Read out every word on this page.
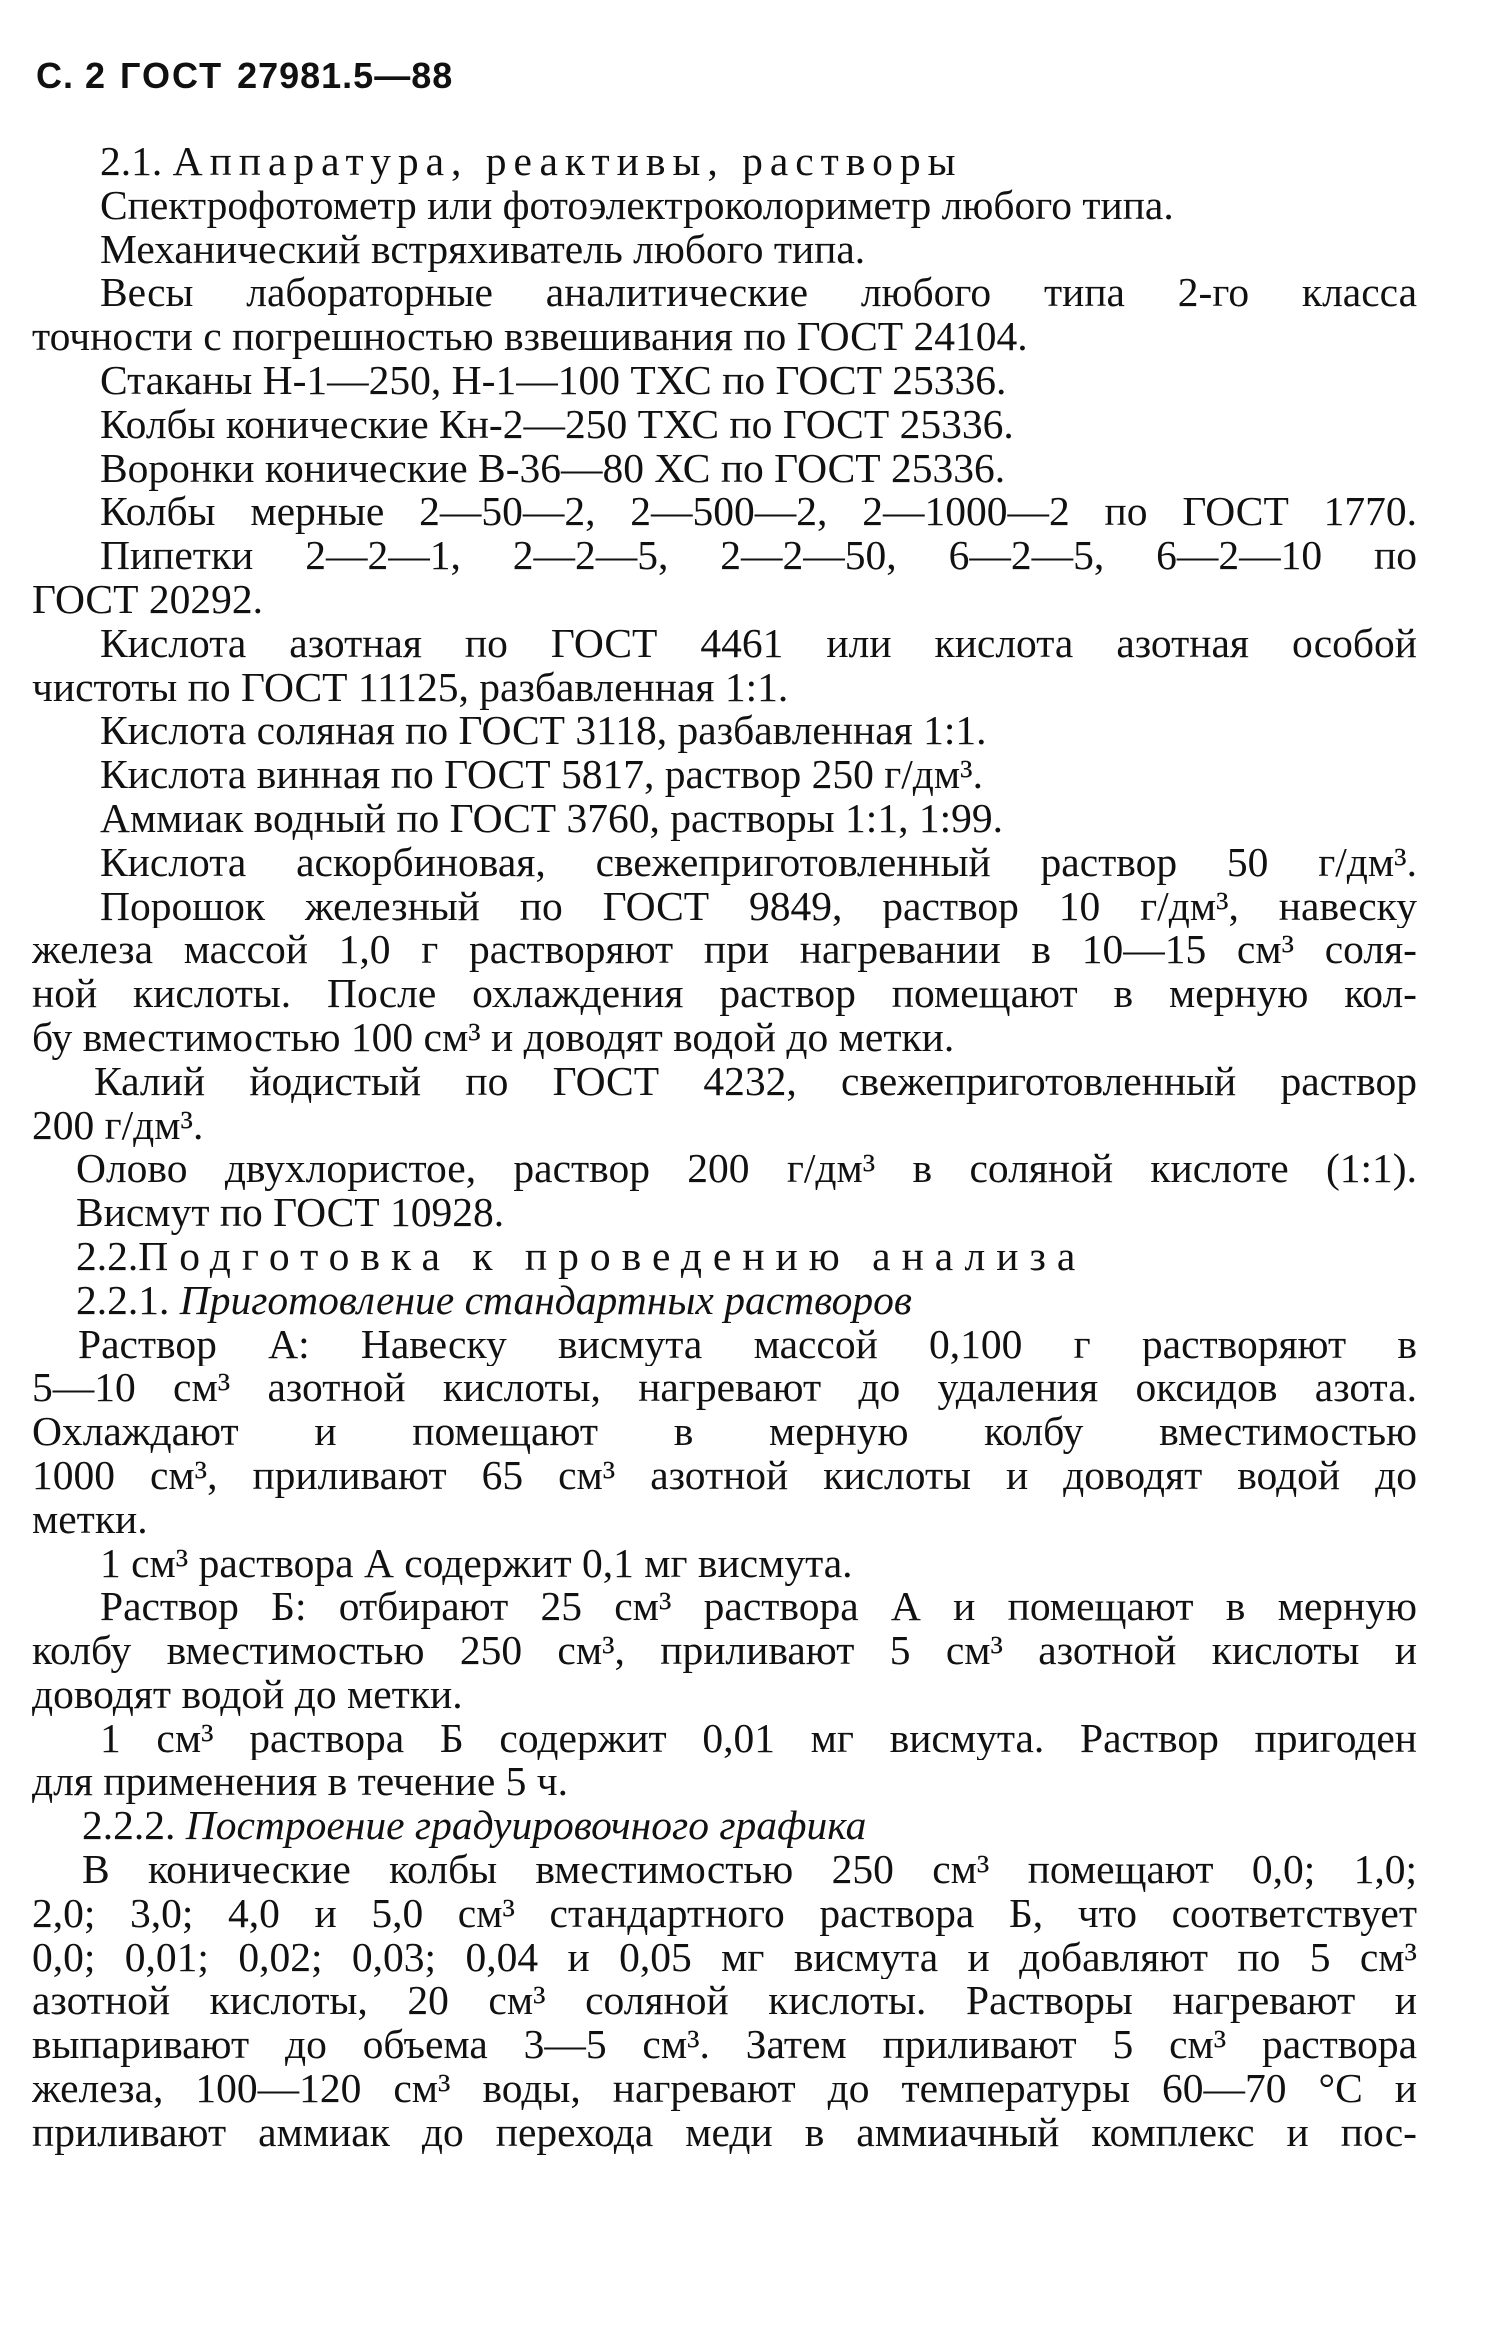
С. 2 ГОСТ 27981.5—88
2.1. Аппаратура, реактивы, растворы
Спектрофотометр или фотоэлектроколориметр любого типа.
Механический встряхиватель любого типа.
Весы лабораторные аналитические любого типа 2-го класса
точности с погрешностью взвешивания по ГОСТ 24104.
Стаканы Н-1—250, Н-1—100 ТХС по ГОСТ 25336.
Колбы конические Кн-2—250 ТХС по ГОСТ 25336.
Воронки конические В-36—80 ХС по ГОСТ 25336.
Колбы мерные 2—50—2, 2—500—2, 2—1000—2 по ГОСТ 1770.
Пипетки 2—2—1, 2—2—5, 2—2—50, 6—2—5, 6—2—10 по
ГОСТ 20292.
Кислота азотная по ГОСТ 4461 или кислота азотная особой
чистоты по ГОСТ 11125, разбавленная 1:1.
Кислота соляная по ГОСТ 3118, разбавленная 1:1.
Кислота винная по ГОСТ 5817, раствор 250 г/дм³.
Аммиак водный по ГОСТ 3760, растворы 1:1, 1:99.
Кислота аскорбиновая, свежеприготовленный раствор 50 г/дм³.
Порошок железный по ГОСТ 9849, раствор 10 г/дм³, навеску
железа массой 1,0 г растворяют при нагревании в 10—15 см³ соля-
ной кислоты. После охлаждения раствор помещают в мерную кол-
бу вместимостью 100 см³ и доводят водой до метки.
Калий йодистый по ГОСТ 4232, свежеприготовленный раствор
200 г/дм³.
Олово двухлористое, раствор 200 г/дм³ в соляной кислоте (1:1).
Висмут по ГОСТ 10928.
2.2.Подготовка к проведению анализа
2.2.1. Приготовление стандартных растворов
Раствор А: Навеску висмута массой 0,100 г растворяют в
5—10 см³ азотной кислоты, нагревают до удаления оксидов азота.
Охлаждают и помещают в мерную колбу вместимостью
1000 см³, приливают 65 см³ азотной кислоты и доводят водой до
метки.
1 см³ раствора А содержит 0,1 мг висмута.
Раствор Б: отбирают 25 см³ раствора А и помещают в мерную
колбу вместимостью 250 см³, приливают 5 см³ азотной кислоты и
доводят водой до метки.
1 см³ раствора Б содержит 0,01 мг висмута. Раствор пригоден
для применения в течение 5 ч.
2.2.2. Построение градуировочного графика
В конические колбы вместимостью 250 см³ помещают 0,0; 1,0;
2,0; 3,0; 4,0 и 5,0 см³ стандартного раствора Б, что соответствует
0,0; 0,01; 0,02; 0,03; 0,04 и 0,05 мг висмута и добавляют по 5 см³
азотной кислоты, 20 см³ соляной кислоты. Растворы нагревают и
выпаривают до объема 3—5 см³. Затем приливают 5 см³ раствора
железа, 100—120 см³ воды, нагревают до температуры 60—70 °С и
приливают аммиак до перехода меди в аммиачный комплекс и пос-
